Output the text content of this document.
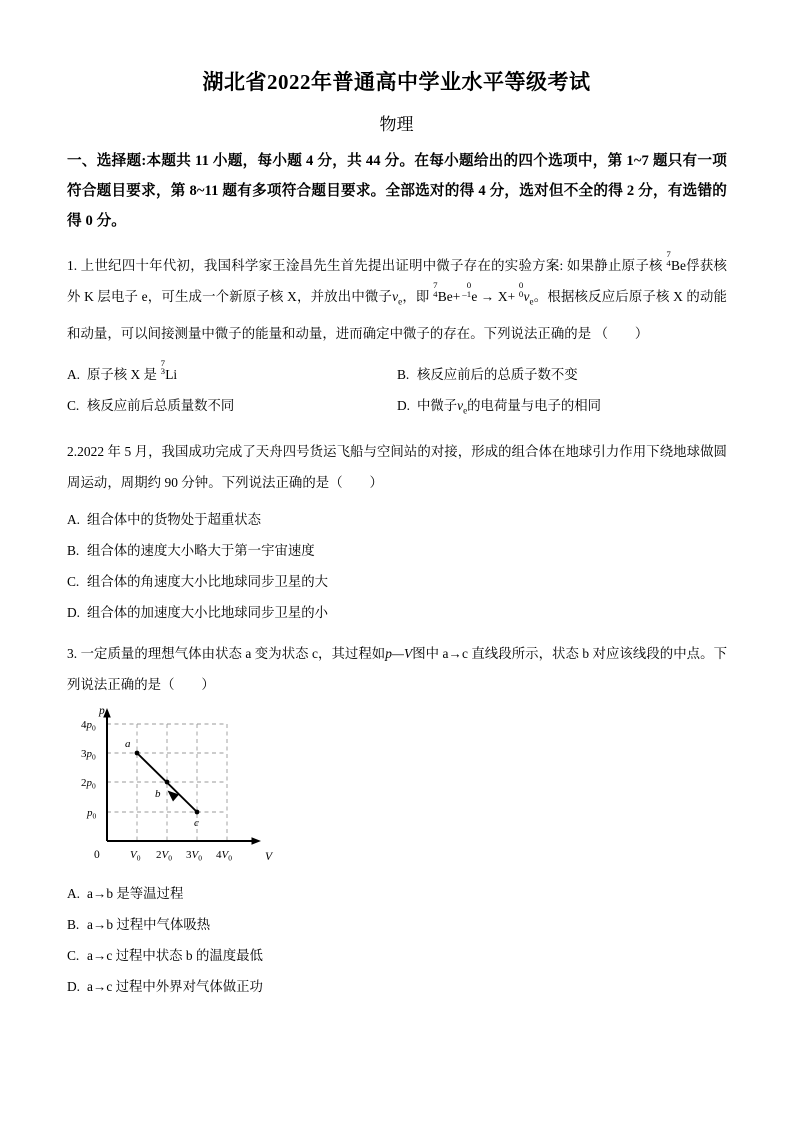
湖北省2022年普通高中学业水平等级考试
物理

一、选择题:本题共 11 小题，每小题 4 分，共 44 分。在每小题给出的四个选项中，第 1~7 题只有一项符合题目要求，第 8~11 题有多项符合题目要求。全部选对的得 4 分，选对但不全的得 2 分，有选错的得 0 分。

1. 上世纪四十年代初，我国科学家王淦昌先生首先提出证明中微子存在的实验方案: 如果静止原子核
7
4 Be俘获核外 K 层电子 e，可生成一个新原子核 X，并放出中微子$v_e$，即
7
4 Be+
0
–1 e → X+
0
0 $v_e$。根据核反应后原子核 X 的动能和动量，可以间接测量中微子的能量和动量，进而确定中微子的存在。下列说法正确的是 （　　）

A. 原子核 X 是
7
3 Li	B. 核反应前后的总质子数不变
C. 核反应前后总质量数不同	D. 中微子$v_e$的电荷量与电子的相同

2.2022 年 5 月，我国成功完成了天舟四号货运飞船与空间站的对接，形成的组合体在地球引力作用下绕地球做圆周运动，周期约 90 分钟。下列说法正确的是（　　）

A. 组合体中的货物处于超重状态
B. 组合体的速度大小略大于第一宇宙速度
C. 组合体的角速度大小比地球同步卫星的大
D. 组合体的加速度大小比地球同步卫星的小

3. 一定质量的理想气体由状态 a 变为状态 c，其过程如p—V图中 a→c 直线段所示，状态 b 对应该线段的中点。下列说法正确的是（　　）

a
b
c
p
V
0
$4p_0$
$3p_0$
$2p_0$
$p_0$
$V_0$ $2V_0$ $3V_0$ $4V_0$
A. a→b 是等温过程
B. a→b 过程中气体吸热
C. a→c 过程中状态 b 的温度最低
D. a→c 过程中外界对气体做正功
